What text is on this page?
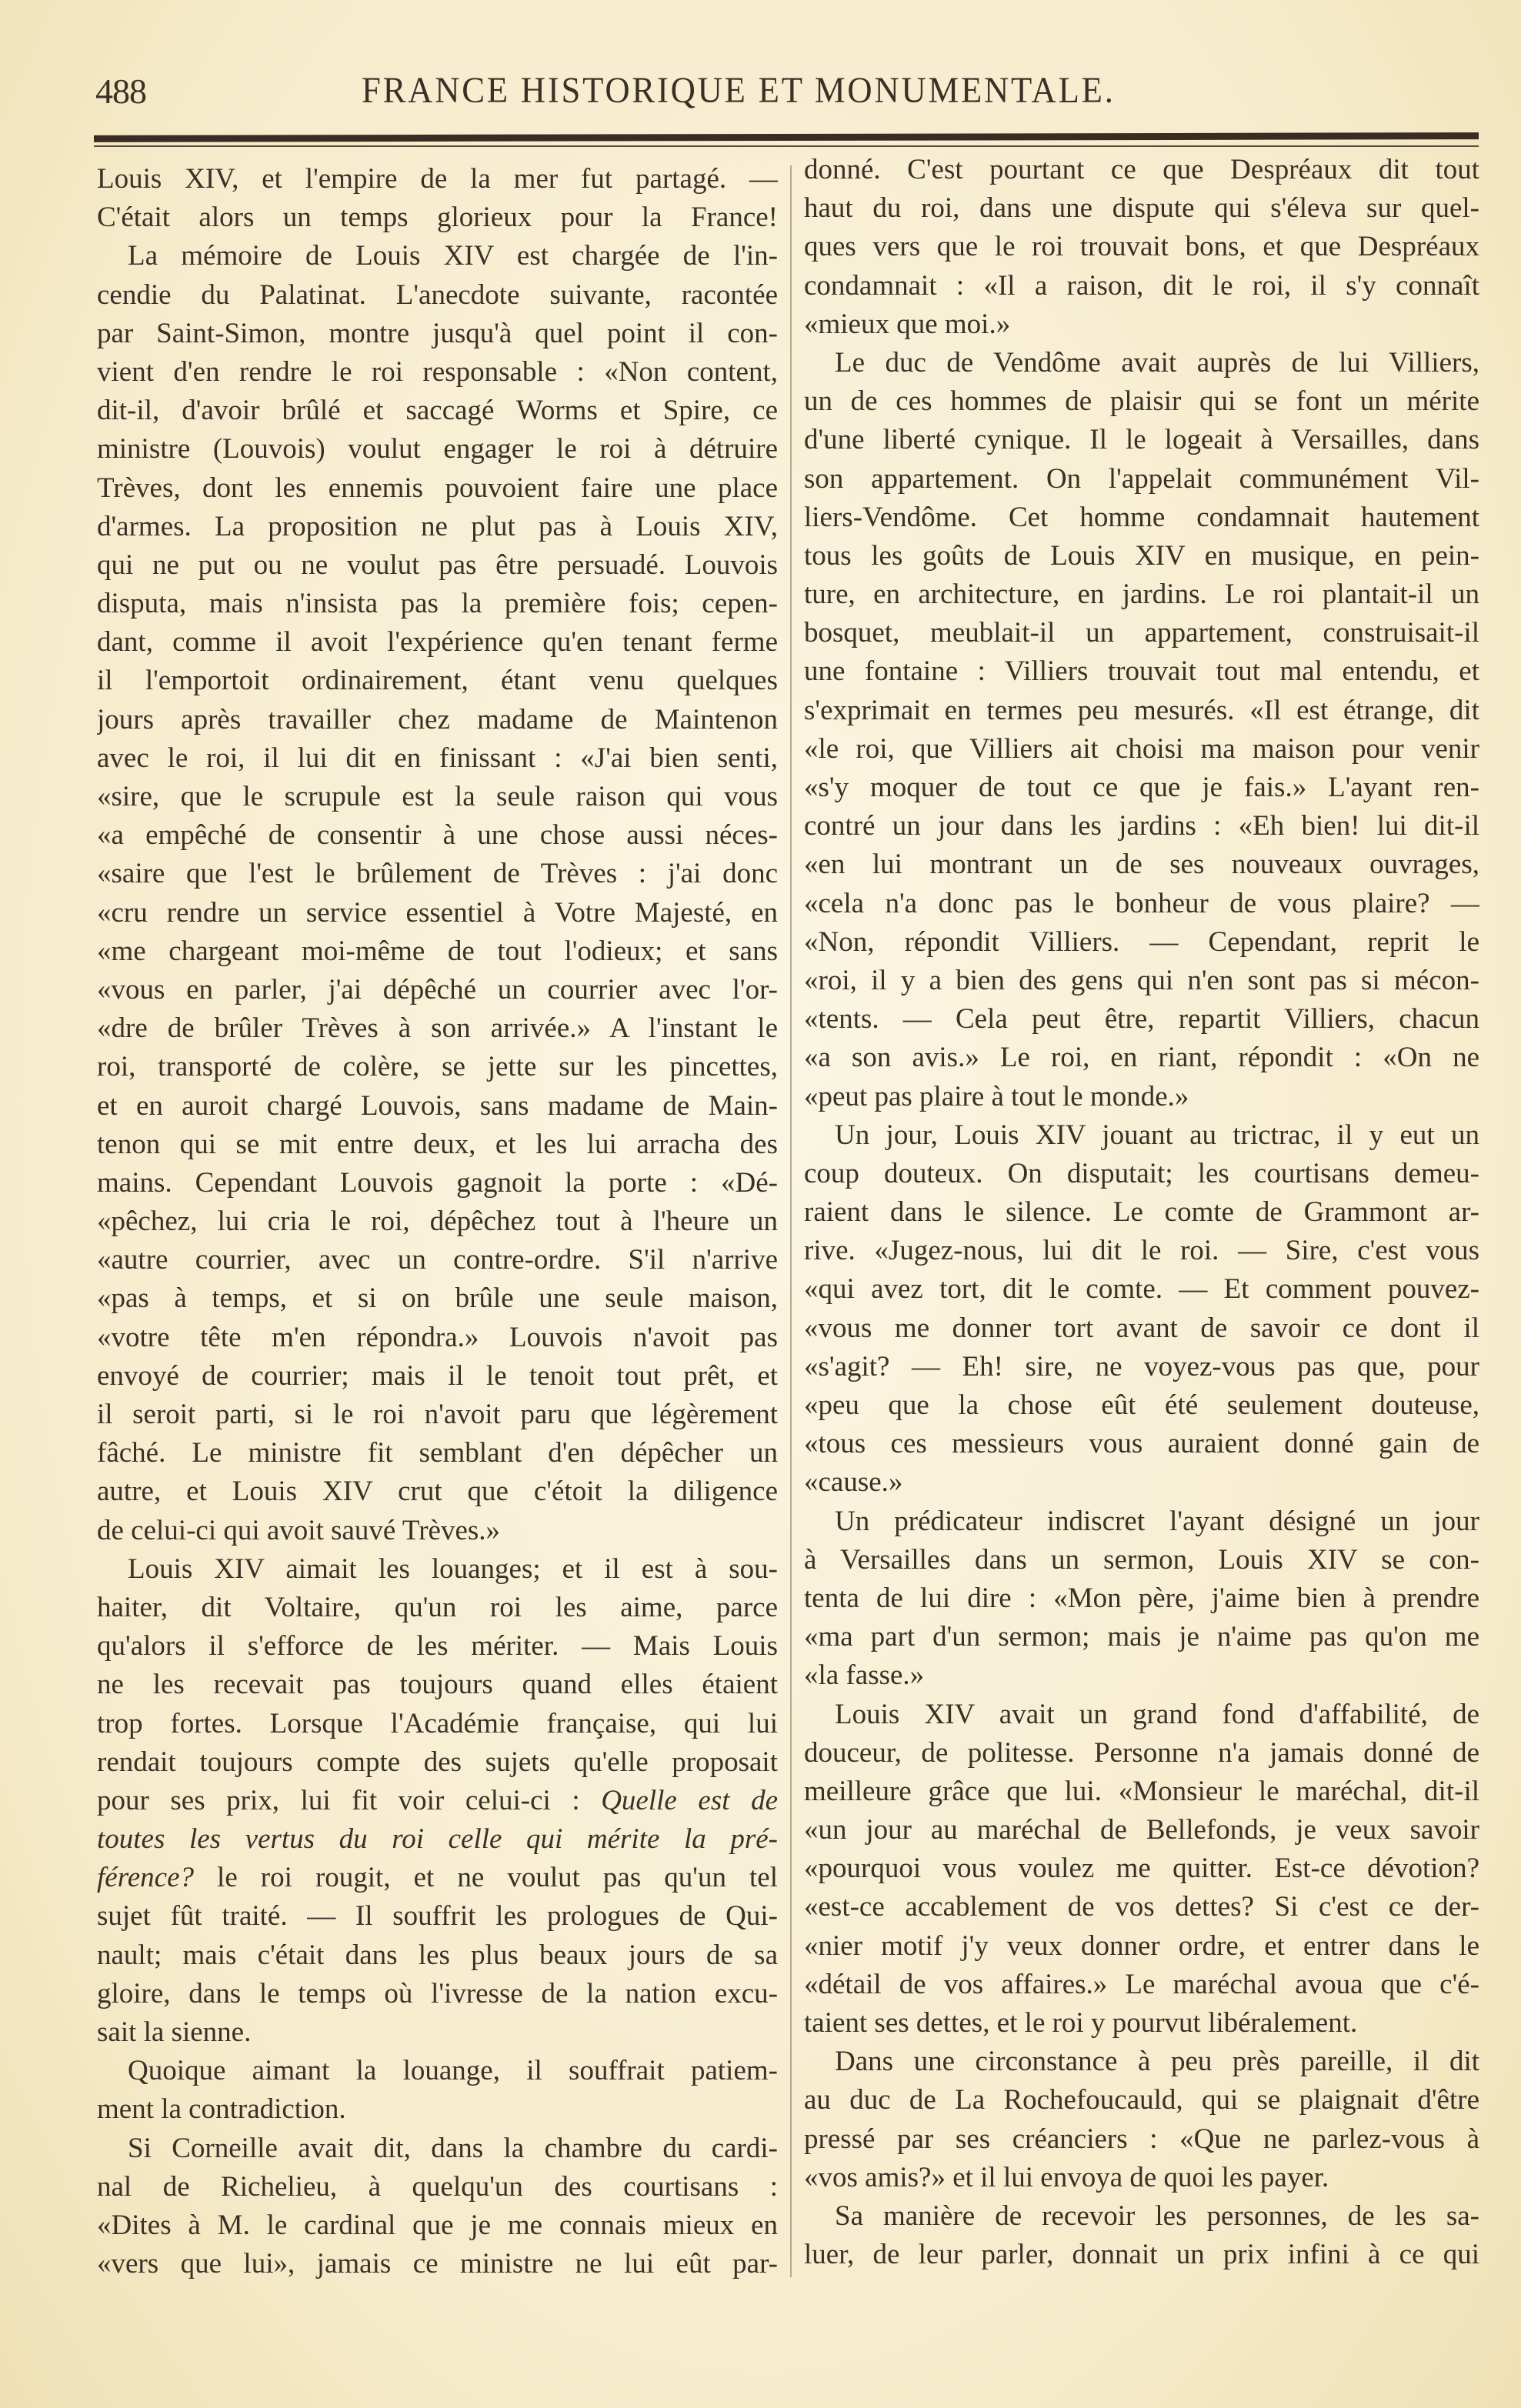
488	FRANCE HISTORIQUE ET MONUMENTALE.
Louis XIV, et l'empire de la mer fut partagé. —
C'était alors un temps glorieux pour la France!
La mémoire de Louis XIV est chargée de l'in-
cendie du Palatinat. L'anecdote suivante, racontée
par Saint-Simon, montre jusqu'à quel point il con-
vient d'en rendre le roi responsable : «Non content,
dit-il, d'avoir brûlé et saccagé Worms et Spire, ce
ministre (Louvois) voulut engager le roi à détruire
Trèves, dont les ennemis pouvoient faire une place
d'armes. La proposition ne plut pas à Louis XIV,
qui ne put ou ne voulut pas être persuadé. Louvois
disputa, mais n'insista pas la première fois; cepen-
dant, comme il avoit l'expérience qu'en tenant ferme
il l'emportoit ordinairement, étant venu quelques
jours après travailler chez madame de Maintenon
avec le roi, il lui dit en finissant : «J'ai bien senti,
«sire, que le scrupule est la seule raison qui vous
«a empêché de consentir à une chose aussi néces-
«saire que l'est le brûlement de Trèves : j'ai donc
«cru rendre un service essentiel à Votre Majesté, en
«me chargeant moi-même de tout l'odieux; et sans
«vous en parler, j'ai dépêché un courrier avec l'or-
«dre de brûler Trèves à son arrivée.» A l'instant le
roi, transporté de colère, se jette sur les pincettes,
et en auroit chargé Louvois, sans madame de Main-
tenon qui se mit entre deux, et les lui arracha des
mains. Cependant Louvois gagnoit la porte : «Dé-
«pêchez, lui cria le roi, dépêchez tout à l'heure un
«autre courrier, avec un contre-ordre. S'il n'arrive
«pas à temps, et si on brûle une seule maison,
«votre tête m'en répondra.» Louvois n'avoit pas
envoyé de courrier; mais il le tenoit tout prêt, et
il seroit parti, si le roi n'avoit paru que légèrement
fâché. Le ministre fit semblant d'en dépêcher un
autre, et Louis XIV crut que c'étoit la diligence
de celui-ci qui avoit sauvé Trèves.»
Louis XIV aimait les louanges; et il est à sou-
haiter, dit Voltaire, qu'un roi les aime, parce
qu'alors il s'efforce de les mériter. — Mais Louis
ne les recevait pas toujours quand elles étaient
trop fortes. Lorsque l'Académie française, qui lui
rendait toujours compte des sujets qu'elle proposait
pour ses prix, lui fit voir celui-ci : Quelle est de
toutes les vertus du roi celle qui mérite la pré-
férence? le roi rougit, et ne voulut pas qu'un tel
sujet fût traité. — Il souffrit les prologues de Qui-
nault; mais c'était dans les plus beaux jours de sa
gloire, dans le temps où l'ivresse de la nation excu-
sait la sienne.
Quoique aimant la louange, il souffrait patiem-
ment la contradiction.
Si Corneille avait dit, dans la chambre du cardi-
nal de Richelieu, à quelqu'un des courtisans :
«Dites à M. le cardinal que je me connais mieux en
«vers que lui», jamais ce ministre ne lui eût par-
donné. C'est pourtant ce que Despréaux dit tout
haut du roi, dans une dispute qui s'éleva sur quel-
ques vers que le roi trouvait bons, et que Despréaux
condamnait : «Il a raison, dit le roi, il s'y connaît
«mieux que moi.»
Le duc de Vendôme avait auprès de lui Villiers,
un de ces hommes de plaisir qui se font un mérite
d'une liberté cynique. Il le logeait à Versailles, dans
son appartement. On l'appelait communément Vil-
liers-Vendôme. Cet homme condamnait hautement
tous les goûts de Louis XIV en musique, en pein-
ture, en architecture, en jardins. Le roi plantait-il un
bosquet, meublait-il un appartement, construisait-il
une fontaine : Villiers trouvait tout mal entendu, et
s'exprimait en termes peu mesurés. «Il est étrange, dit
«le roi, que Villiers ait choisi ma maison pour venir
«s'y moquer de tout ce que je fais.» L'ayant ren-
contré un jour dans les jardins : «Eh bien! lui dit-il
«en lui montrant un de ses nouveaux ouvrages,
«cela n'a donc pas le bonheur de vous plaire? —
«Non, répondit Villiers. — Cependant, reprit le
«roi, il y a bien des gens qui n'en sont pas si mécon-
«tents. — Cela peut être, repartit Villiers, chacun
«a son avis.» Le roi, en riant, répondit : «On ne
«peut pas plaire à tout le monde.»
Un jour, Louis XIV jouant au trictrac, il y eut un
coup douteux. On disputait; les courtisans demeu-
raient dans le silence. Le comte de Grammont ar-
rive. «Jugez-nous, lui dit le roi. — Sire, c'est vous
«qui avez tort, dit le comte. — Et comment pouvez-
«vous me donner tort avant de savoir ce dont il
«s'agit? — Eh! sire, ne voyez-vous pas que, pour
«peu que la chose eût été seulement douteuse,
«tous ces messieurs vous auraient donné gain de
«cause.»
Un prédicateur indiscret l'ayant désigné un jour
à Versailles dans un sermon, Louis XIV se con-
tenta de lui dire : «Mon père, j'aime bien à prendre
«ma part d'un sermon; mais je n'aime pas qu'on me
«la fasse.»
Louis XIV avait un grand fond d'affabilité, de
douceur, de politesse. Personne n'a jamais donné de
meilleure grâce que lui. «Monsieur le maréchal, dit-il
«un jour au maréchal de Bellefonds, je veux savoir
«pourquoi vous voulez me quitter. Est-ce dévotion?
«est-ce accablement de vos dettes? Si c'est ce der-
«nier motif j'y veux donner ordre, et entrer dans le
«détail de vos affaires.» Le maréchal avoua que c'é-
taient ses dettes, et le roi y pourvut libéralement.
Dans une circonstance à peu près pareille, il dit
au duc de La Rochefoucauld, qui se plaignait d'être
pressé par ses créanciers : «Que ne parlez-vous à
«vos amis?» et il lui envoya de quoi les payer.
Sa manière de recevoir les personnes, de les sa-
luer, de leur parler, donnait un prix infini à ce qui
